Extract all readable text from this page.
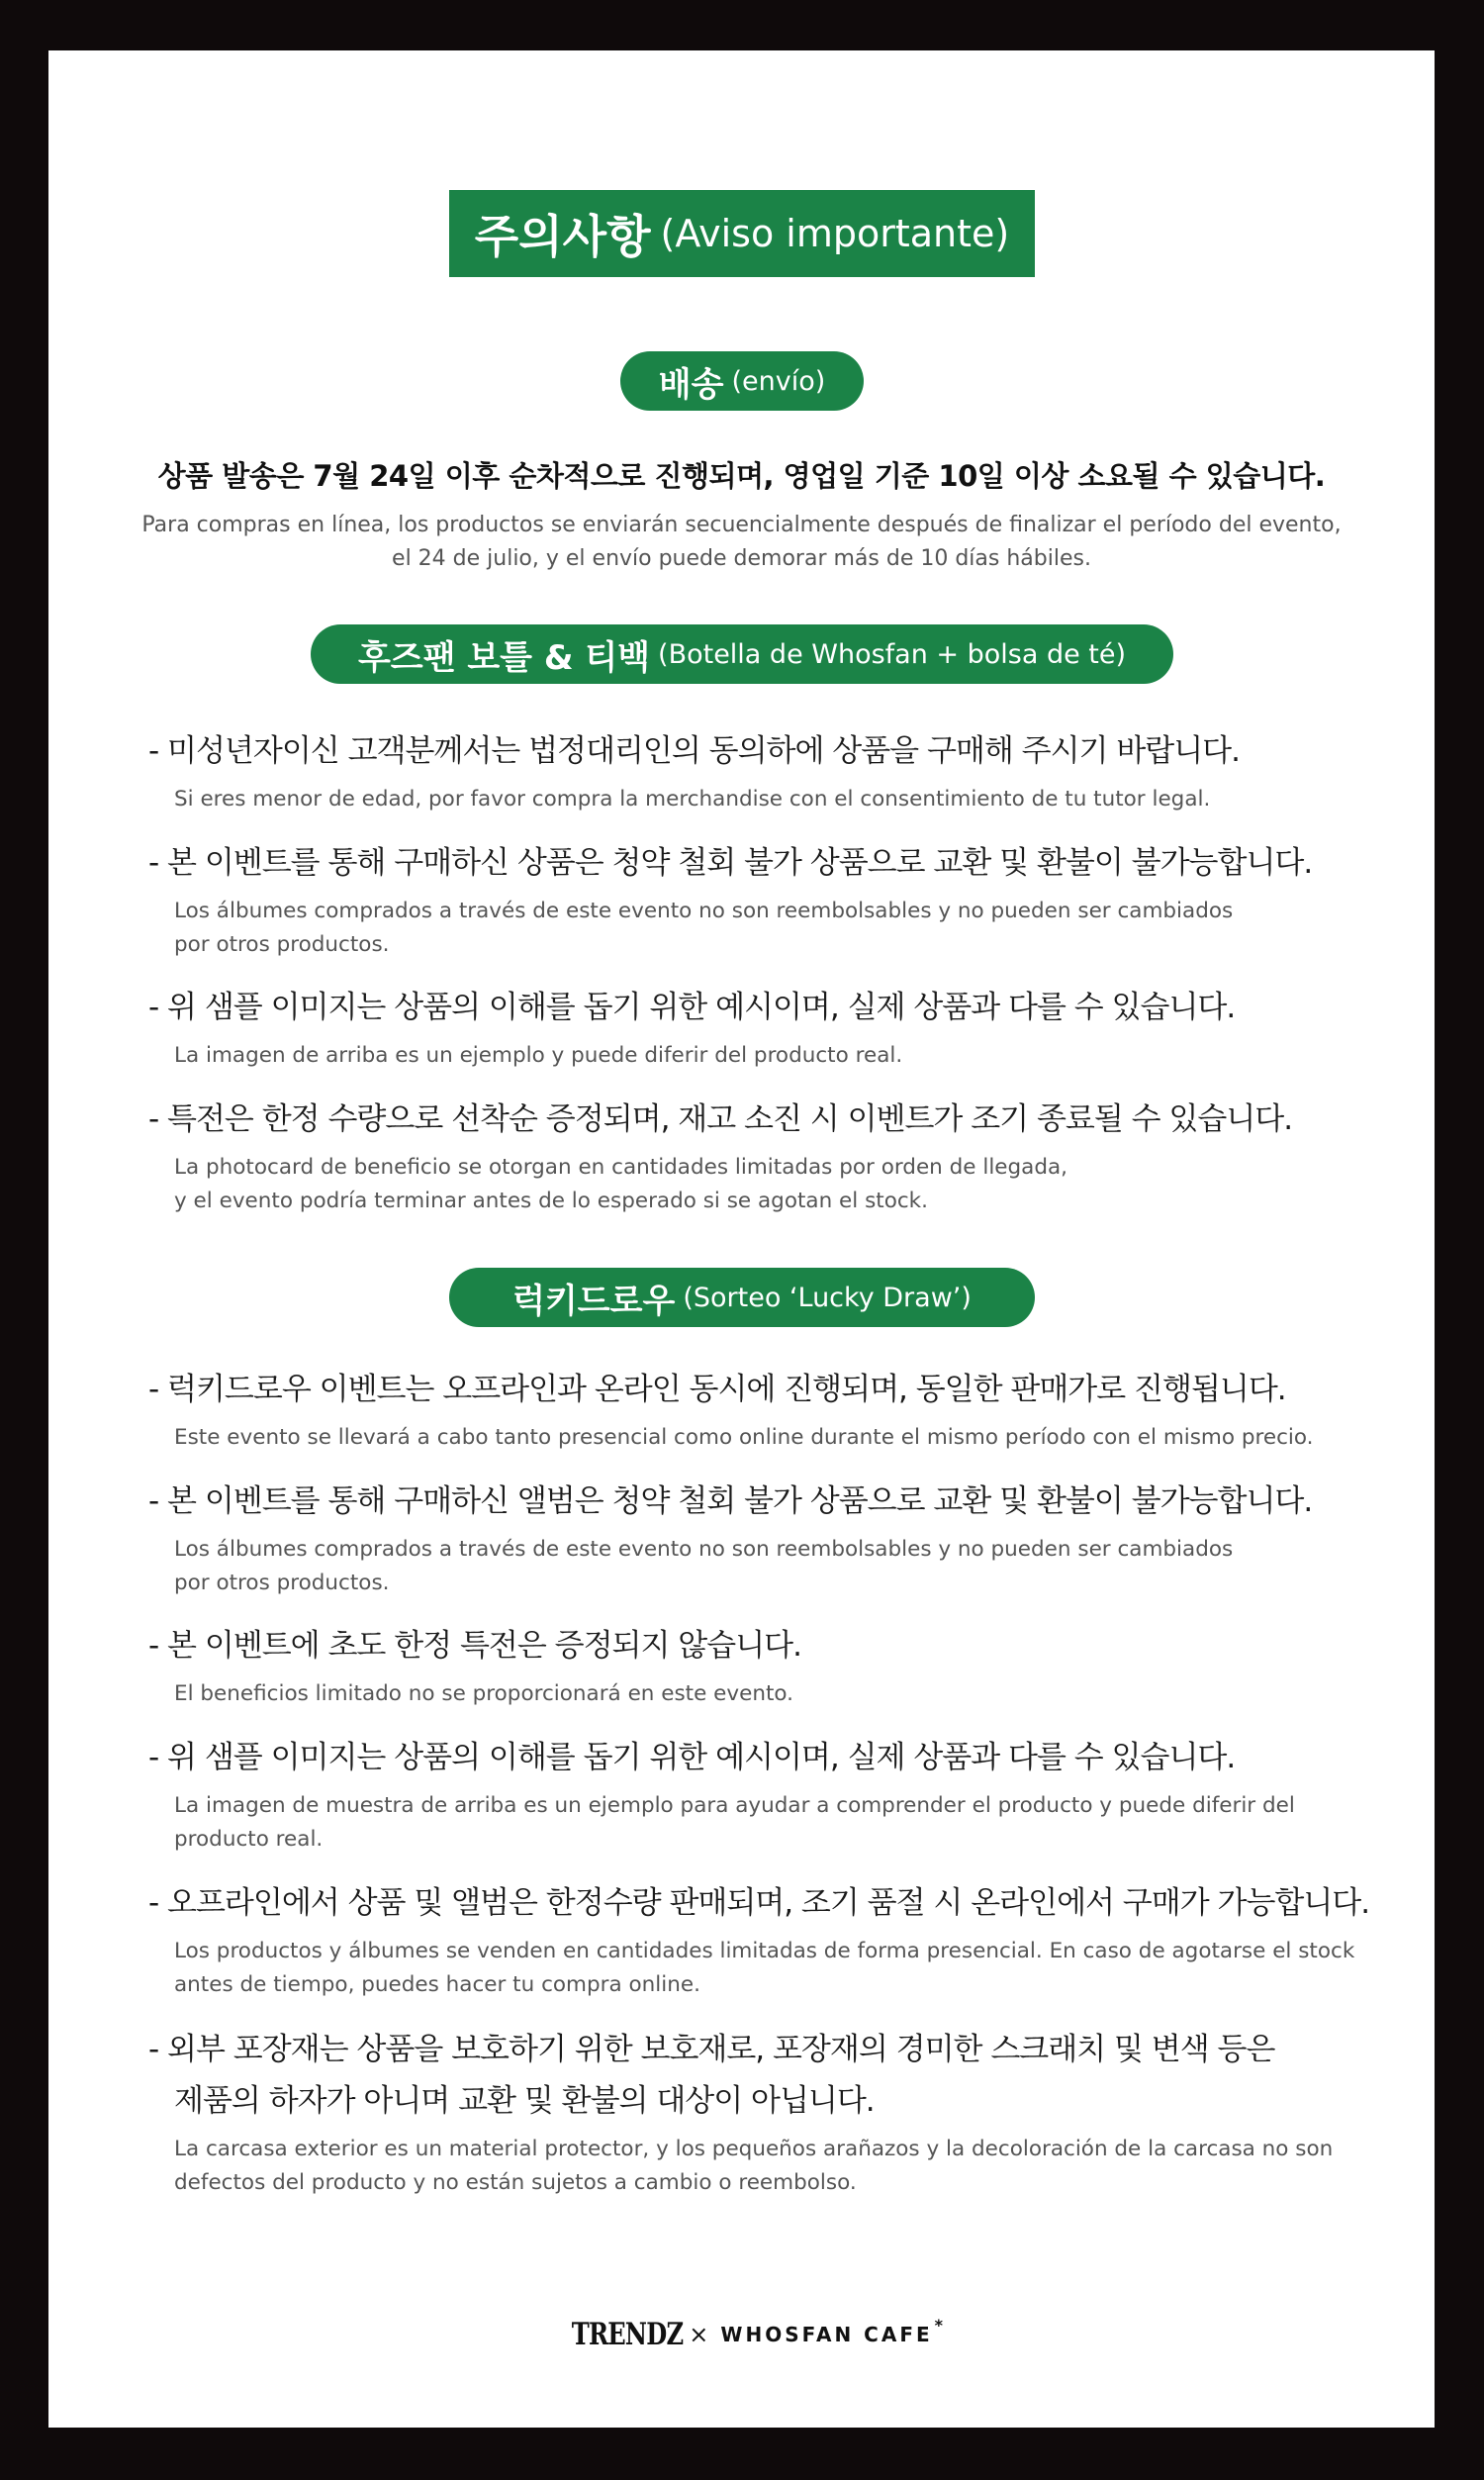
주의사항 (Aviso importante)
배송 (envío)
상품 발송은 7월 24일 이후 순차적으로 진행되며, 영업일 기준 10일 이상 소요될 수 있습니다.
Para compras en línea, los productos se enviarán secuencialmente después de finalizar el período del evento,
el 24 de julio, y el envío puede demorar más de 10 días hábiles.
후즈팬 보틀 & 티백 (Botella de Whosfan + bolsa de té)
- 미성년자이신 고객분께서는 법정대리인의 동의하에 상품을 구매해 주시기 바랍니다.
Si eres menor de edad, por favor compra la merchandise con el consentimiento de tu tutor legal.
- 본 이벤트를 통해 구매하신 상품은 청약 철회 불가 상품으로 교환 및 환불이 불가능합니다.
Los álbumes comprados a través de este evento no son reembolsables y no pueden ser cambiados
por otros productos.
- 위 샘플 이미지는 상품의 이해를 돕기 위한 예시이며, 실제 상품과 다를 수 있습니다.
La imagen de arriba es un ejemplo y puede diferir del producto real.
- 특전은 한정 수량으로 선착순 증정되며, 재고 소진 시 이벤트가 조기 종료될 수 있습니다.
La photocard de beneficio se otorgan en cantidades limitadas por orden de llegada,
y el evento podría terminar antes de lo esperado si se agotan el stock.
럭키드로우 (Sorteo ‘Lucky Draw’)
- 럭키드로우 이벤트는 오프라인과 온라인 동시에 진행되며, 동일한 판매가로 진행됩니다.
Este evento se llevará a cabo tanto presencial como online durante el mismo período con el mismo precio.
- 본 이벤트를 통해 구매하신 앨범은 청약 철회 불가 상품으로 교환 및 환불이 불가능합니다.
Los álbumes comprados a través de este evento no son reembolsables y no pueden ser cambiados
por otros productos.
- 본 이벤트에 초도 한정 특전은 증정되지 않습니다.
El beneficios limitado no se proporcionará en este evento.
- 위 샘플 이미지는 상품의 이해를 돕기 위한 예시이며, 실제 상품과 다를 수 있습니다.
La imagen de muestra de arriba es un ejemplo para ayudar a comprender el producto y puede diferir del
producto real.
- 오프라인에서 상품 및 앨범은 한정수량 판매되며, 조기 품절 시 온라인에서 구매가 가능합니다.
Los productos y álbumes se venden en cantidades limitadas de forma presencial. En caso de agotarse el stock
antes de tiempo, puedes hacer tu compra online.
- 외부 포장재는 상품을 보호하기 위한 보호재로, 포장재의 경미한 스크래치 및 변색 등은
제품의 하자가 아니며 교환 및 환불의 대상이 아닙니다.
La carcasa exterior es un material protector, y los pequeños arañazos y la decoloración de la carcasa no son
defectos del producto y no están sujetos a cambio o reembolso.
TRENDZ × WHOSFAN CAFE *
